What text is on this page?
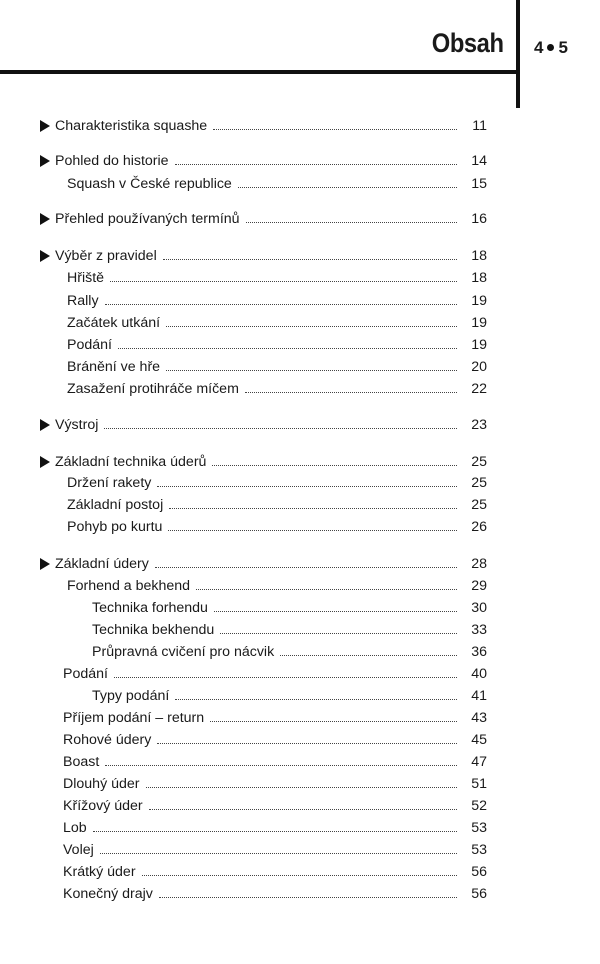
Obsah 4 5
Charakteristika squashe	11
Pohled do historie	14
Squash v České republice	15
Přehled používaných termínů	16
Výběr z pravidel	18
Hřiště	18
Rally	19
Začátek utkání	19
Podání	19
Bránění ve hře	20
Zasažení protihráče míčem	22
Výstroj	23
Základní technika úderů	25
Držení rakety	25
Základní postoj	25
Pohyb po kurtu	26
Základní údery	28
Forhend a bekhend	29
Technika forhendu	30
Technika bekhendu	33
Průpravná cvičení pro nácvik	36
Podání	40
Typy podání	41
Příjem podání – return	43
Rohové údery	45
Boast	47
Dlouhý úder	51
Křížový úder	52
Lob	53
Volej	53
Krátký úder	56
Konečný drajv	56
